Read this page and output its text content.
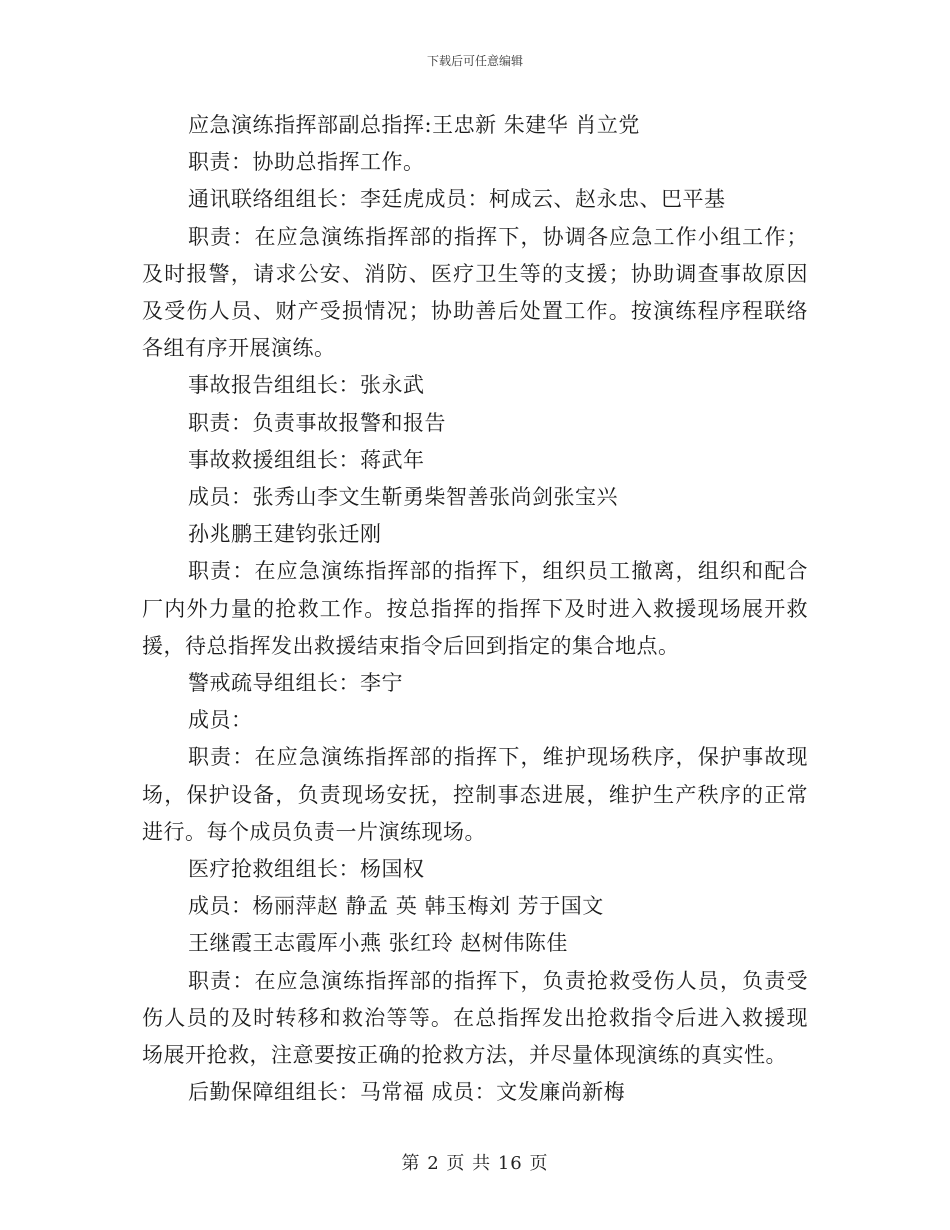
下载后可任意编辑

应急演练指挥部副总指挥:王忠新 朱建华 肖立党

职责：协助总指挥工作。

通讯联络组组长：李廷虎成员：柯成云、赵永忠、巴平基

职责：在应急演练指挥部的指挥下，协调各应急工作小组工作；及时报警，请求公安、消防、医疗卫生等的支援；协助调查事故原因及受伤人员、财产受损情况；协助善后处置工作。按演练程序程联络各组有序开展演练。

事故报告组组长：张永武

职责：负责事故报警和报告

事故救援组组长：蒋武年

成员：张秀山李文生靳勇柴智善张尚剑张宝兴

孙兆鹏王建钧张迁刚

职责：在应急演练指挥部的指挥下，组织员工撤离，组织和配合厂内外力量的抢救工作。按总指挥的指挥下及时进入救援现场展开救援，待总指挥发出救援结束指令后回到指定的集合地点。

警戒疏导组组长：李宁

成员：

职责：在应急演练指挥部的指挥下，维护现场秩序，保护事故现场，保护设备，负责现场安抚，控制事态进展，维护生产秩序的正常进行。每个成员负责一片演练现场。

医疗抢救组组长：杨国权

成员：杨丽萍赵 静孟 英 韩玉梅刘 芳于国文

王继霞王志霞厍小燕 张红玲 赵树伟陈佳

职责：在应急演练指挥部的指挥下，负责抢救受伤人员，负责受伤人员的及时转移和救治等等。在总指挥发出抢救指令后进入救援现场展开抢救，注意要按正确的抢救方法，并尽量体现演练的真实性。

后勤保障组组长：马常福 成员：文发廉尚新梅

第 2 页 共 16 页
